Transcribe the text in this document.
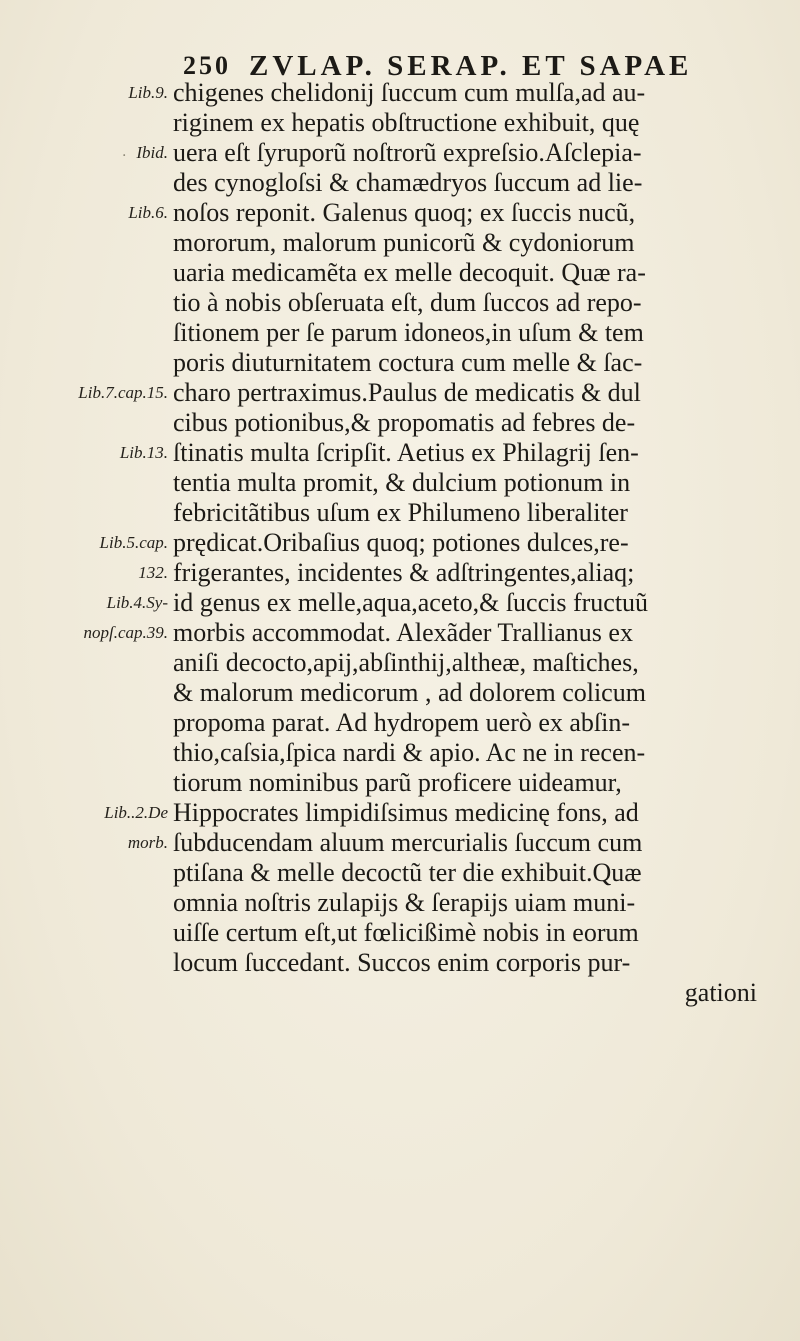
250 ZVLAP. SERAP. ET SAPAE
Lib.9.
Ibid.
Lib.6.
Lib.7.cap.15.
Lib.13.
Lib.5.cap.
132.
Lib.4.Sy-
nopſ.cap.39.
Lib..2.De
morb.
·
chigenes chelidonij ſuccum cum mulſa,ad au-
riginem ex hepatis obſtructione exhibuit, quę
uera eſt ſyruporũ noſtrorũ expreſsio.Aſclepia-
des cynogloſsi & chamædryos ſuccum ad lie-
noſos reponit. Galenus quoq; ex ſuccis nucũ,
mororum, malorum punicorũ & cydoniorum
uaria medicamẽta ex melle decoquit. Quæ ra-
tio à nobis obſeruata eſt, dum ſuccos ad repo-
ſitionem per ſe parum idoneos,in uſum & tem
poris diuturnitatem coctura cum melle & ſac-
charo pertraximus.Paulus de medicatis & dul
cibus potionibus,& propomatis ad febres de-
ſtinatis multa ſcripſit. Aetius ex Philagrij ſen-
tentia multa promit, & dulcium potionum in
febricitãtibus uſum ex Philumeno liberaliter
prędicat.Oribaſius quoq; potiones dulces,re-
frigerantes, incidentes & adſtringentes,aliaq;
id genus ex melle,aqua,aceto,& ſuccis fructuũ
morbis accommodat. Alexãder Trallianus ex
aniſi decocto,apij,abſinthij,altheæ, maſtiches,
& malorum medicorum , ad dolorem colicum
propoma parat. Ad hydropem uerò ex abſin-
thio,caſsia,ſpica nardi & apio. Ac ne in recen-
tiorum nominibus parũ proficere uideamur,
Hippocrates limpidiſsimus medicinę fons, ad
ſubducendam aluum mercurialis ſuccum cum
ptiſana & melle decoctũ ter die exhibuit.Quæ
omnia noſtris zulapijs & ſerapijs uiam muni-
uiſſe certum eſt,ut fœlicißimè nobis in eorum
locum ſuccedant. Succos enim corporis pur-
gationi
